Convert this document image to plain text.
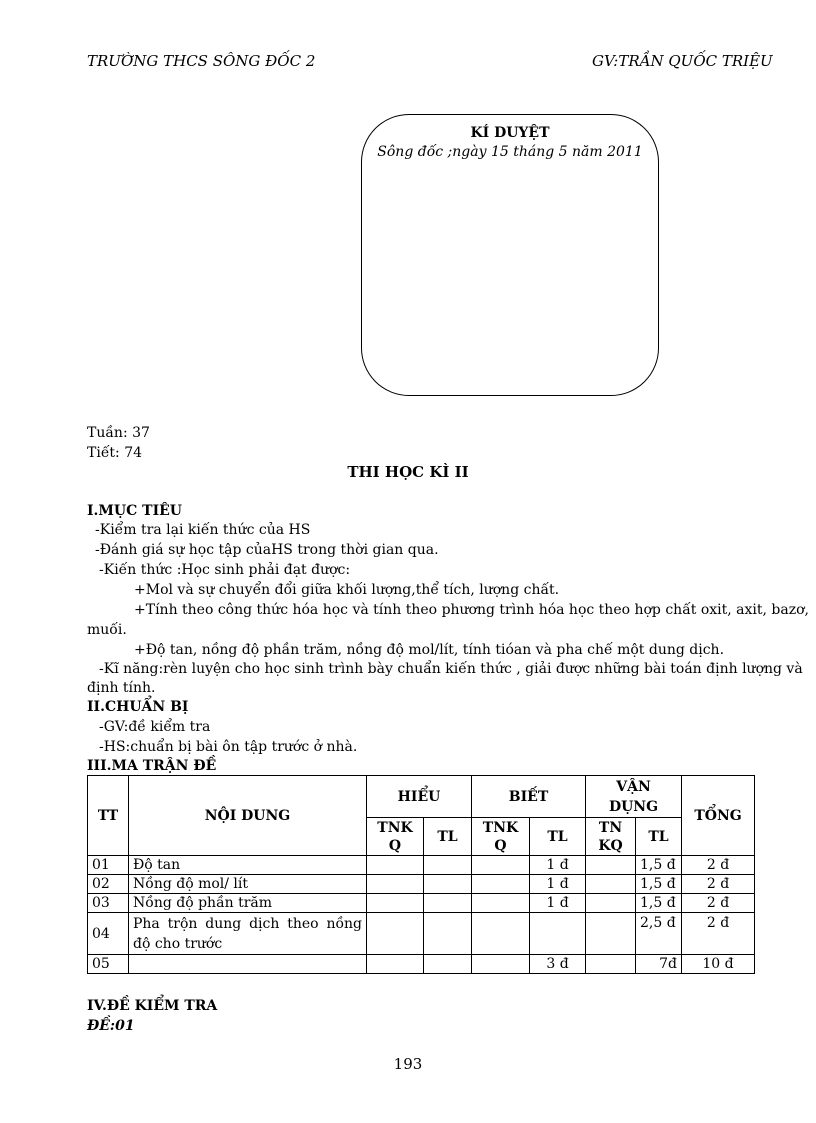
TRƯỜNG THCS SÔNG ĐỐC 2	GV:TRẦN QUỐC TRIỆU
KÍ DUYỆT
Sông đốc ;ngày 15 tháng 5 năm 2011
Tuần: 37
Tiết: 74
THI HỌC KÌ II
I.MỤC TIÊU
-Kiểm tra lại kiến thức của HS
-Đánh giá sự học tập củaHS trong thời gian qua.
-Kiến thức :Học sinh phải đạt được:
+Mol và sự chuyển đổi giữa khối lượng,thể tích, lượng chất.
+Tính theo công thức hóa học và tính theo phương trình hóa học theo hợp chất oxit, axit, bazơ,
muối.
+Độ tan, nồng độ phần trăm, nồng độ mol/lít, tính tióan và pha chế một dung dịch.
-Kĩ năng:rèn luyện cho học sinh trình bày chuẩn kiến thức , giải được những bài toán định lượng và
định tính.
II.CHUẨN BỊ
-GV:đề kiểm tra
-HS:chuẩn bị bài ôn tập trước ở nhà.
III.MA TRẬN ĐỀ
TT	NỘI DUNG	HIỂU		BIẾT		VẬN DỤNG		TỔNG
		TNK Q	TL	TNK Q	TL	TN KQ	TL	
01	Độ tan				1 đ		1,5 đ	2 đ
02	Nồng độ mol/ lít				1 đ		1,5 đ	2 đ
03	Nồng độ phần trăm				1 đ		1,5 đ	2 đ
04	Pha trộn dung dịch theo nồng độ cho trước						2,5 đ	2 đ
05					3 đ		7đ	10 đ
IV.ĐỀ KIỂM TRA
ĐỀ:01
193
